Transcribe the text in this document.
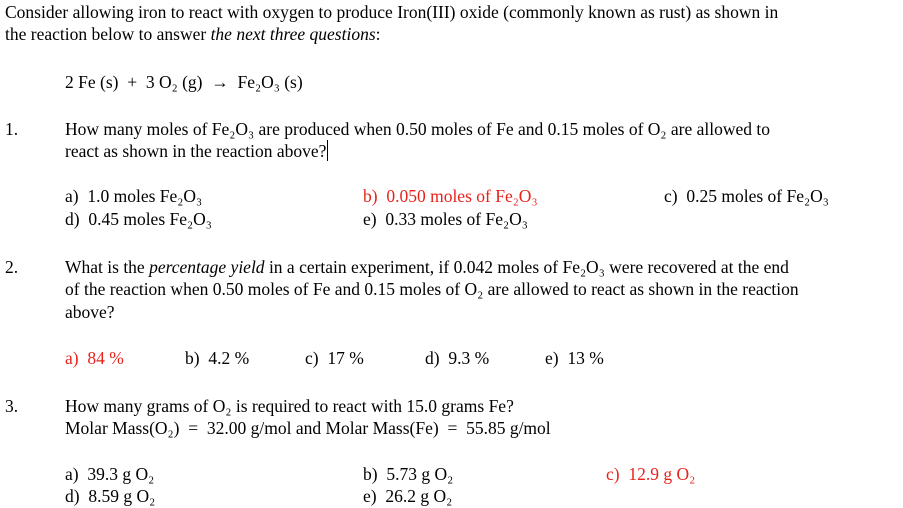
Consider allowing iron to react with oxygen to produce Iron(III) oxide (commonly known as rust) as shown in
the reaction below to answer the next three questions:
2 Fe (s)  +  3 O₂ (g)  →  Fe₂O₃ (s)
1.	How many moles of Fe₂O₃ are produced when 0.50 moles of Fe and 0.15 moles of O₂ are allowed to
react as shown in the reaction above?
a)  1.0 moles Fe₂O₃	b)  0.050 moles of Fe₂O₃	c)  0.25 moles of Fe₂O₃
d)  0.45 moles Fe₂O₃	e)  0.33 moles of Fe₂O₃
2.	What is the percentage yield in a certain experiment, if 0.042 moles of Fe₂O₃ were recovered at the end
of the reaction when 0.50 moles of Fe and 0.15 moles of O₂ are allowed to react as shown in the reaction
above?
a)  84 %	b)  4.2 %	c)  17 %	d)  9.3 %	e)  13 %
3.	How many grams of O₂ is required to react with 15.0 grams Fe?
Molar Mass(O₂)  =  32.00 g/mol and Molar Mass(Fe)  =  55.85 g/mol
a)  39.3 g O₂	b)  5.73 g O₂	c)  12.9 g O₂
d)  8.59 g O₂	e)  26.2 g O₂
